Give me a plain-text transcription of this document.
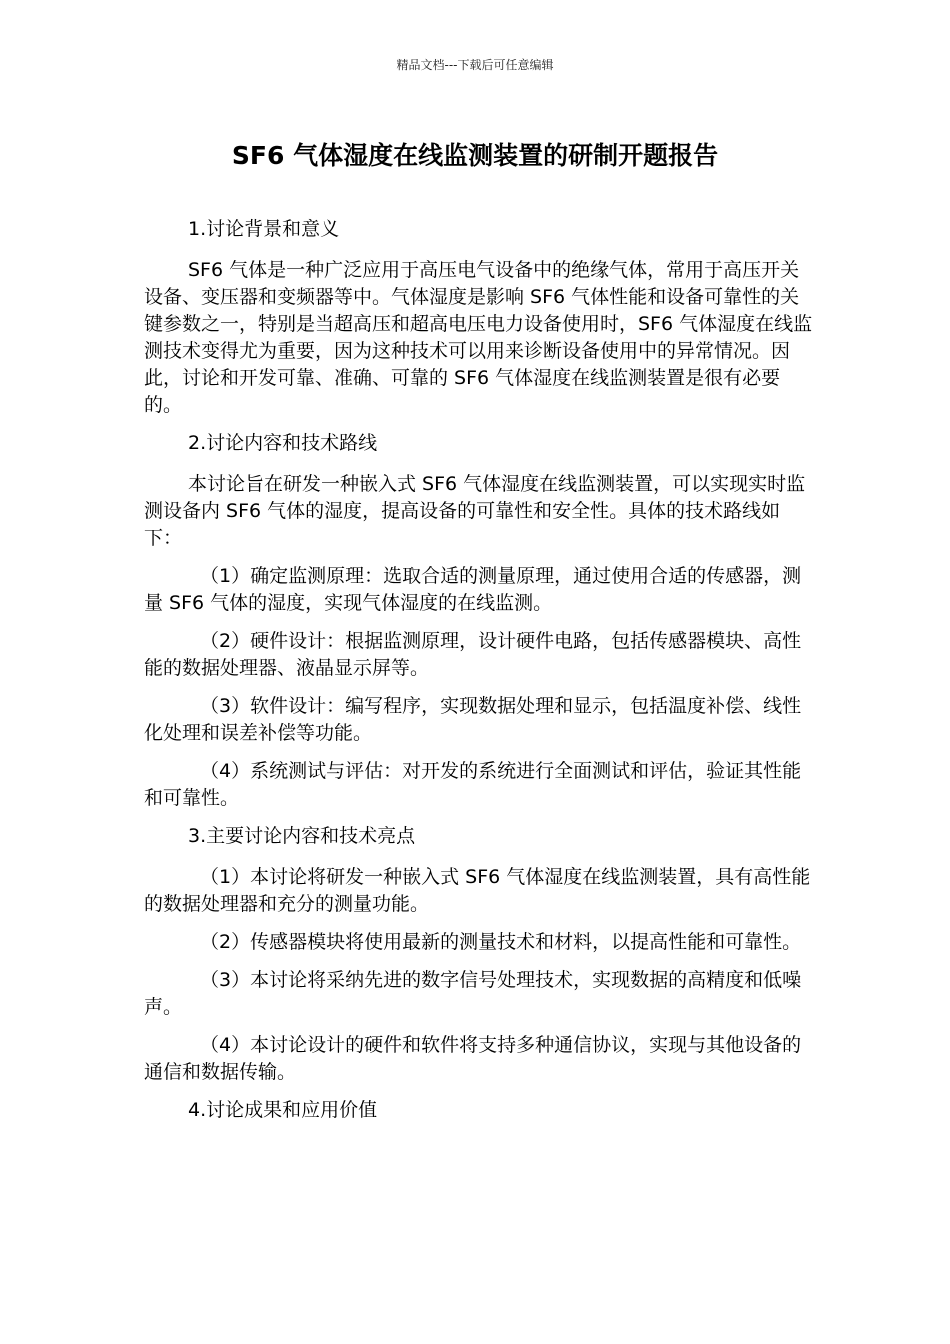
精品文档---下载后可任意编辑
SF6 气体湿度在线监测装置的研制开题报告

1.讨论背景和意义

SF6 气体是一种广泛应用于高压电气设备中的绝缘气体，常用于高压开关设备、变压器和变频器等中。气体湿度是影响 SF6 气体性能和设备可靠性的关键参数之一，特别是当超高压和超高电压电力设备使用时，SF6 气体湿度在线监测技术变得尤为重要，因为这种技术可以用来诊断设备使用中的异常情况。因此，讨论和开发可靠、准确、可靠的 SF6 气体湿度在线监测装置是很有必要的。

2.讨论内容和技术路线

本讨论旨在研发一种嵌入式 SF6 气体湿度在线监测装置，可以实现实时监测设备内 SF6 气体的湿度，提高设备的可靠性和安全性。具体的技术路线如下：

（1）确定监测原理：选取合适的测量原理，通过使用合适的传感器，测量 SF6 气体的湿度，实现气体湿度的在线监测。

（2）硬件设计：根据监测原理，设计硬件电路，包括传感器模块、高性能的数据处理器、液晶显示屏等。

（3）软件设计：编写程序，实现数据处理和显示，包括温度补偿、线性化处理和误差补偿等功能。

（4）系统测试与评估：对开发的系统进行全面测试和评估，验证其性能和可靠性。

3.主要讨论内容和技术亮点

（1）本讨论将研发一种嵌入式 SF6 气体湿度在线监测装置，具有高性能的数据处理器和充分的测量功能。

（2）传感器模块将使用最新的测量技术和材料，以提高性能和可靠性。

（3）本讨论将采纳先进的数字信号处理技术，实现数据的高精度和低噪声。

（4）本讨论设计的硬件和软件将支持多种通信协议，实现与其他设备的通信和数据传输。

4.讨论成果和应用价值
